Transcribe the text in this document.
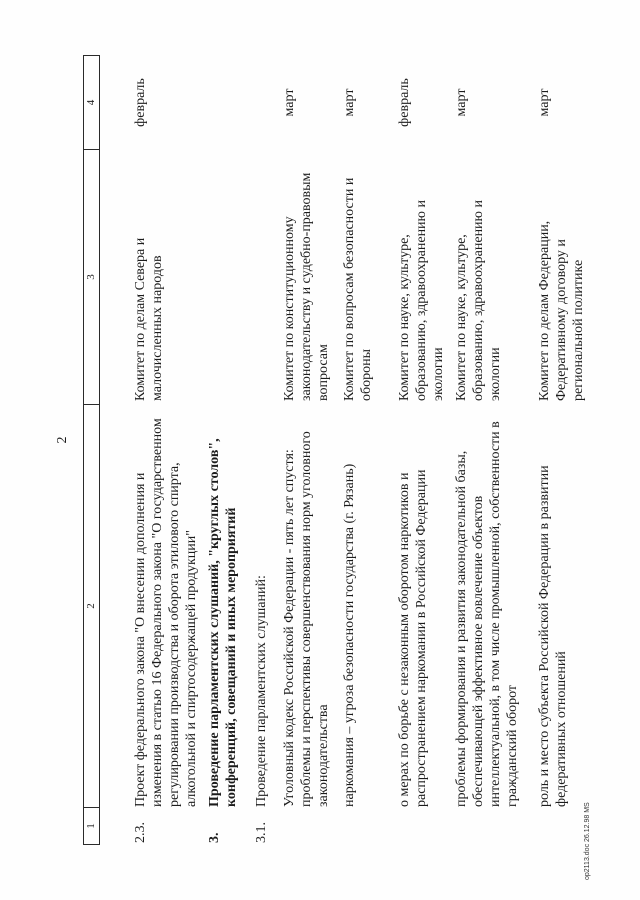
2
1
2
3
4
2.3.
Проект федерального закона "О внесении дополнения и изменения в статью 16 Федерального закона "О государственном регулировании производства и оборота этилового спирта, алкогольной и спиртосодержащей продукции"
Комитет по делам Севера и малочисленных народов
февраль
3.
Проведение парламентских слушаний, "круглых столов", конференций, совещаний и иных мероприятий
3.1.
Проведение парламентских слушаний: Уголовный кодекс Российской Федерации - пять лет спустя: проблемы и перспективы совершенствования норм уголовного законодательства
Комитет по конституционному законодательству и судебно-правовым вопросам
март
наркомания – угроза безопасности государства (г. Рязань)
Комитет по вопросам безопасности и обороны
март
о мерах по борьбе с незаконным оборотом наркотиков и распространением наркомании в Российской Федерации
Комитет по науке, культуре, образованию, здравоохранению и экологии
февраль
проблемы формирования и развития законодательной базы, обеспечивающей эффективное вовлечение объектов интеллектуальной, в том числе промышленной, собственности в гражданский оборот
Комитет по науке, культуре, образованию, здравоохранению и экологии
март
роль и место субъекта Российской Федерации в развитии федеративных отношений
Комитет по делам Федерации, Федеративному договору и региональной политике
март
op2113.doc 26.12.98 MS
